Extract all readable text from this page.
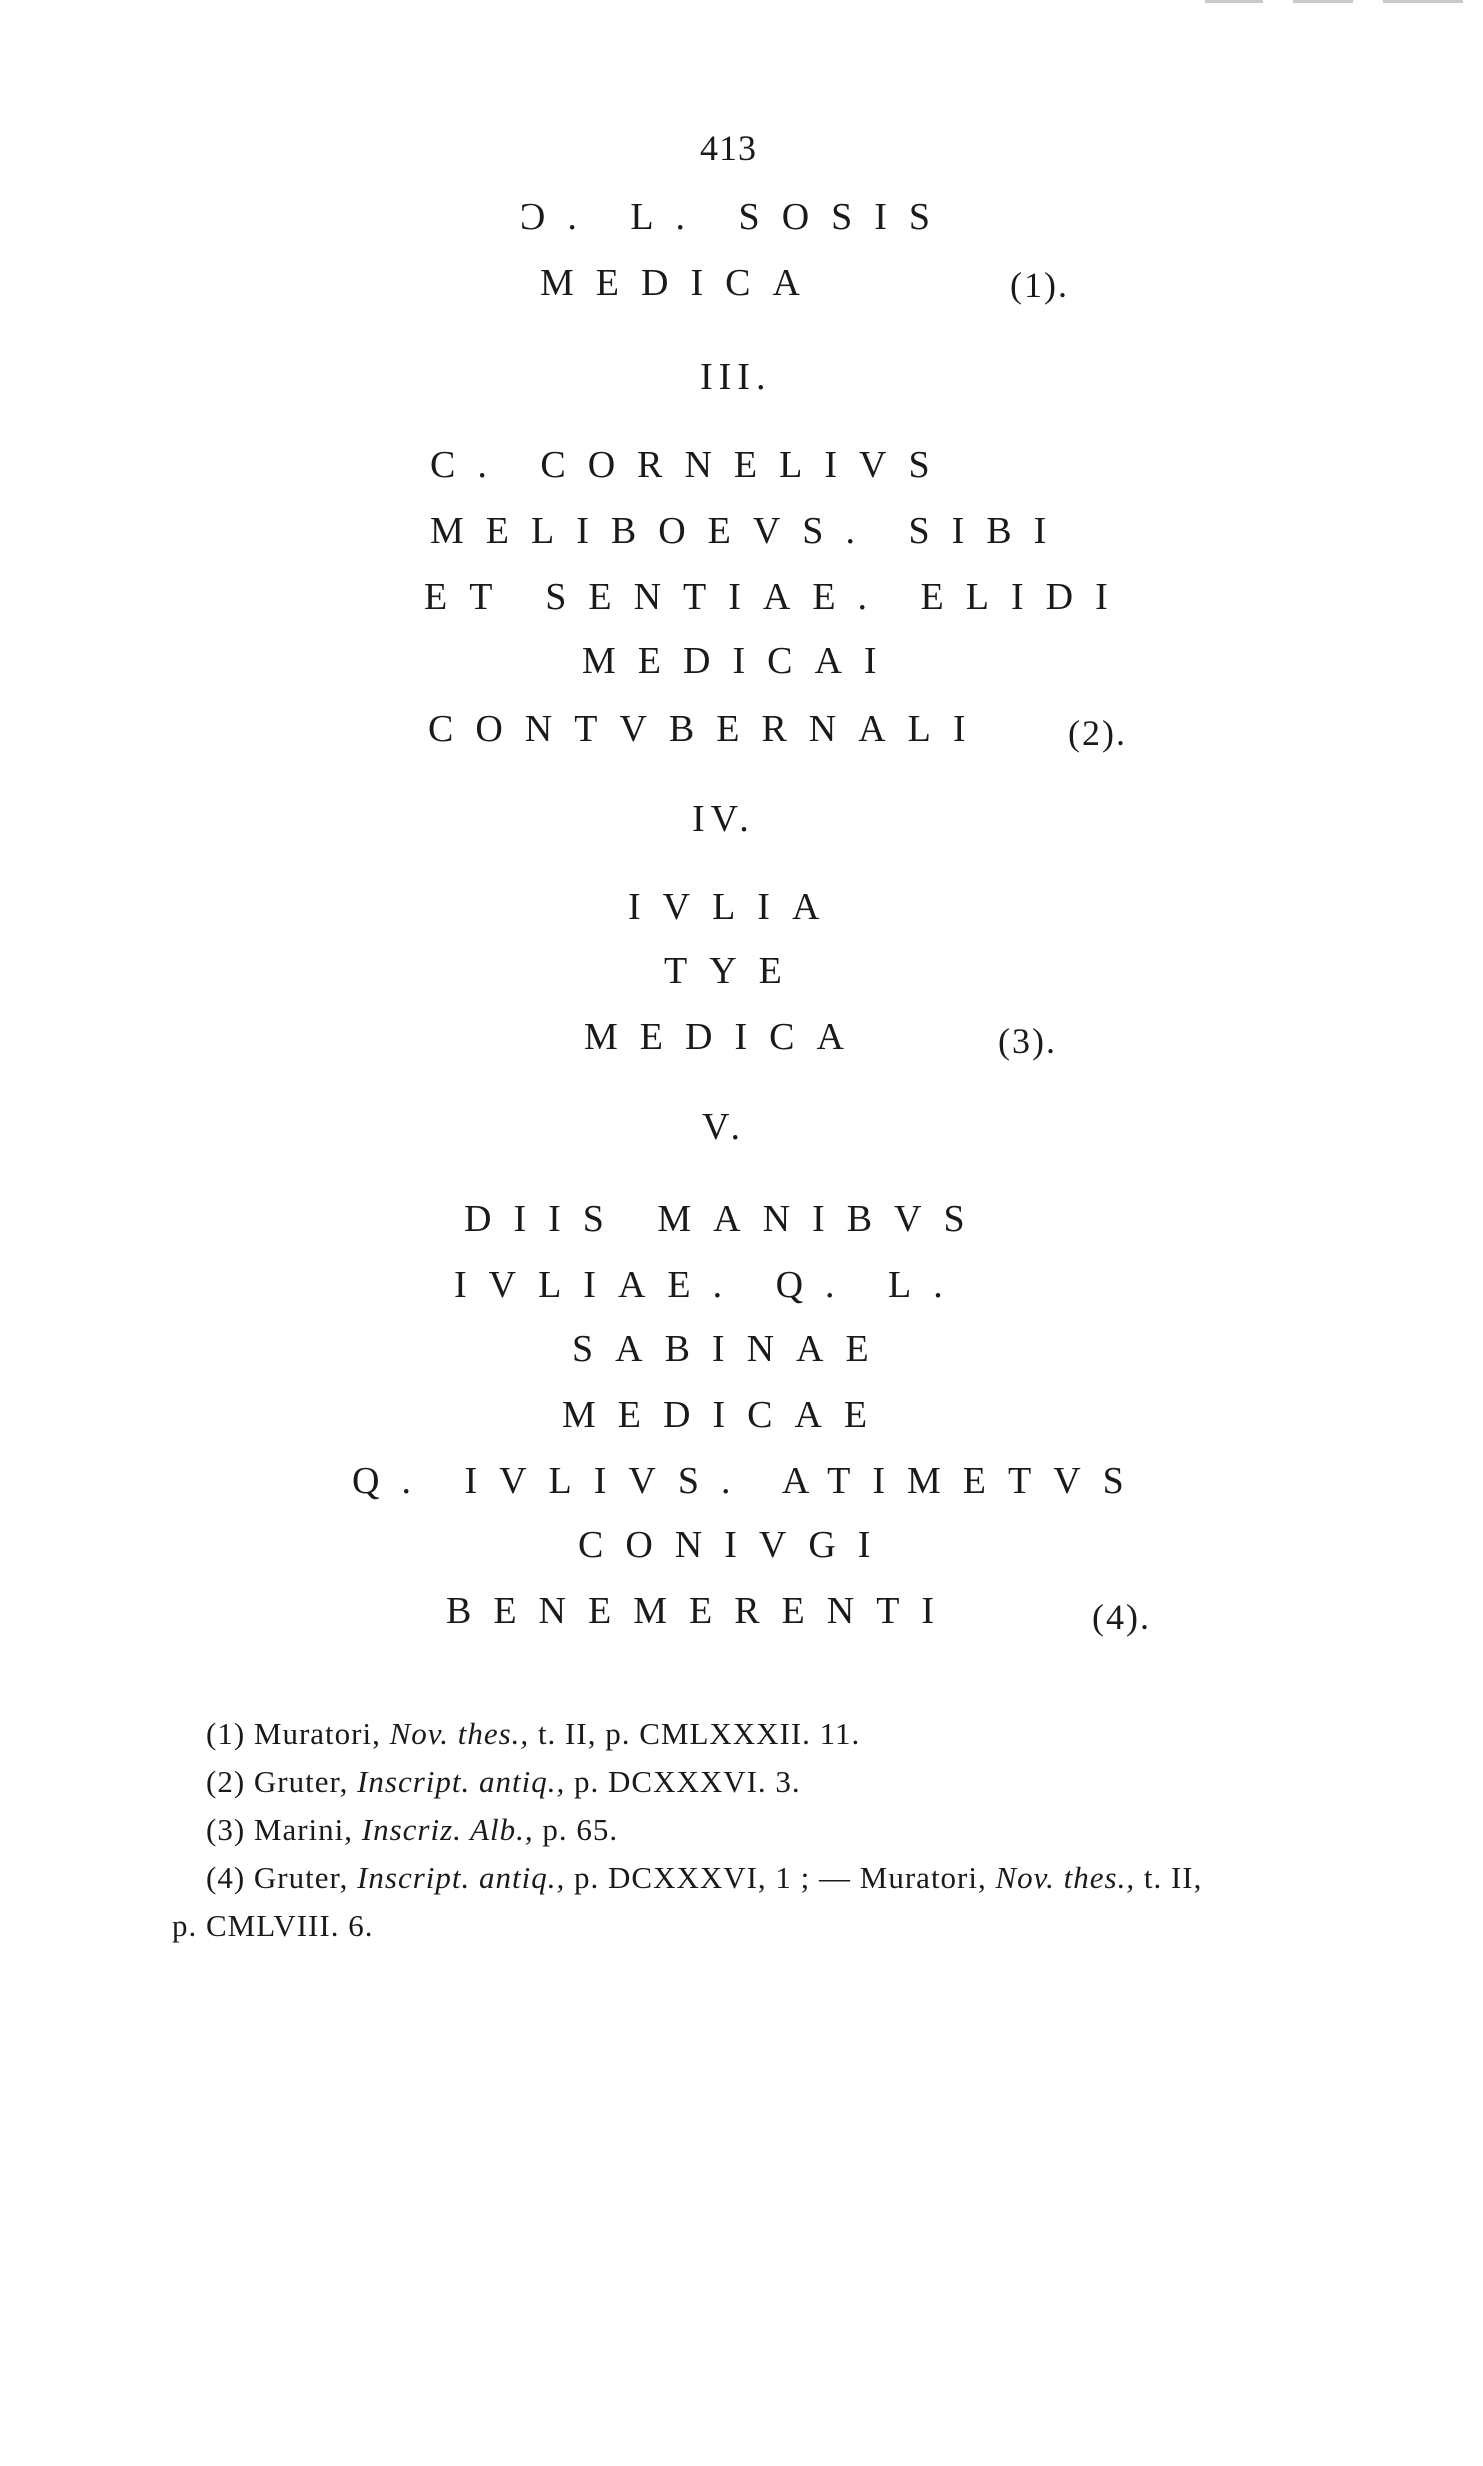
413
Ͻ. L. SOSIS
MEDICA	(1).
III.
C. CORNELIVS
MELIBOEVS. SIBI
ET SENTIAE. ELIDI
MEDICAI
CONTVBERNALI (2).
IV.
IVLIA
TYE
MEDICA	(3).
V.
DIIS MANIBVS
IVLIAE. Q. L.
SABINAE
MEDICAE
Q. IVLIVS. ATIMETVS
CONIVGI
BENEMERENTI	(4).
(1) Muratori, Nov. thes., t. II, p. CMLXXXII. 11.
(2) Gruter, Inscript. antiq., p. DCXXXVI. 3.
(3) Marini, Inscriz. Alb., p. 65.
(4) Gruter, Inscript. antiq., p. DCXXXVI, 1 ; — Muratori, Nov. thes., t. II,
p. CMLVIII. 6.
